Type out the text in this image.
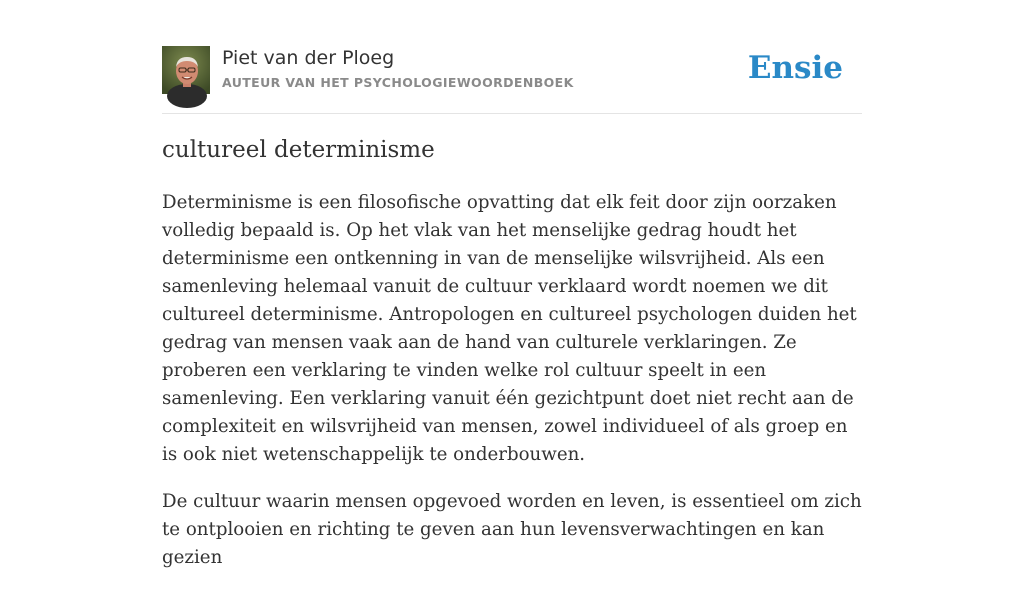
Piet van der Ploeg
AUTEUR VAN HET PSYCHOLOGIEWOORDENBOEK	Ensie
cultureel determinisme

Determinisme is een filosofische opvatting dat elk feit door zijn oorzaken volledig bepaald is. Op het vlak van het menselijke gedrag houdt het determinisme een ontkenning in van de menselijke wilsvrijheid. Als een samenleving helemaal vanuit de cultuur verklaard wordt noemen we dit cultureel determinisme. Antropologen en cultureel psychologen duiden het gedrag van mensen vaak aan de hand van culturele verklaringen. Ze proberen een verklaring te vinden welke rol cultuur speelt in een samenleving. Een verklaring vanuit één gezichtpunt doet niet recht aan de complexiteit en wilsvrijheid van mensen, zowel individueel of als groep en is ook niet wetenschappelijk te onderbouwen.

De cultuur waarin mensen opgevoed worden en leven, is essentieel om zich te ontplooien en richting te geven aan hun levensverwachtingen en kan gezien
